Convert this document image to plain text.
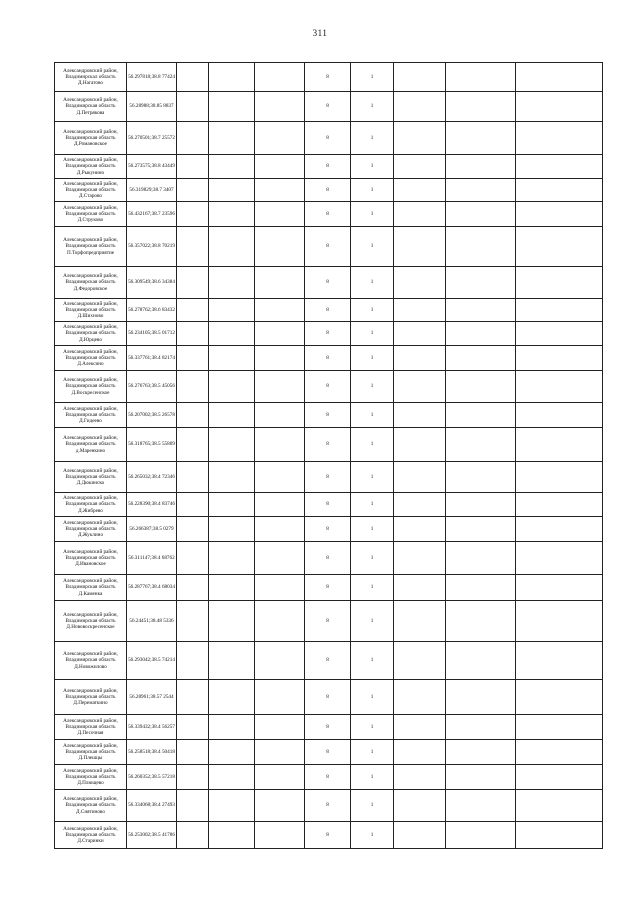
311
Александровский район,
Владимирскал область
Д.Нагатово	56.297818;38.8 77424				8	1			
Александровский район,
Владимирская область
Д.Петрякова	56.28988;38.85 8837				8	1			
Александровский район,
Владимирская область
Д.Романовское	56.270501;38.7 25572				8	1			
Александровский район,
Владимирская область
Д.Рыкунино	56.273575;38.8 43449				8	1			
Александровский район,
Владимирская область
Д.Старово	56.319829;38.7 3407				8	1			
Александровский район,
Владимирская область
Д.Струково	56.432167;38.7 23596				8	1			
Александровский район,
Владимирская область
П.Торфопредприятие	56.357022;38.8 70219				8	1			
Александровский район,
Владимирская область
Д.Федоровское	56.309549;38.6 34384				8	1			
Александровский район,
Владимирская область
Д.Шихново	56.278762;38.6 83432				8	1			
Александровский район,
Владимирская область
Д.Юрцево	56.234105;38.5 01712				8	1			
Александровский район,
Владимирская область
Д.Алексино	56.337761;38.4 82174				8	1			
Александровский район,
Владимирская область
Д.Воскресенское	56.276763;38.5 45056				8	1			
Александровский район,
Владимирская область
Д.Гидеево	56.207002;38.5 26578				8	1			
Александровский район,
Владимирская область
д.Маренкино	56.318765;38.5 55809				8	1			
Александровский район,
Владимирская область
Д.Дюкинско	56.265032;38.4 72346				8	1			
Александровский район,
Владимирская область
Д.Жибрево	56.228390;38.4 83746				8	1			
Александровский район,
Владимирская область
Д.Жуклино	56.266387;38.5 0279				8	1			
Александровский район,
Владимирская область
Д.Ивановское	56.311147;38.4 68762				8	1			
Александровский район,
Владимирская область
Д.Каменка	56.287767;38.4 68034				8	1			
Александровский район,
Владимирская область
Д.Нововоскресенское	56.24451;38.48 5336				8	1			
Александровский район,
Владимирская область
Д.Новожилово	56.293042;38.5 74214				8	1			
Александровский район,
Владимирская область
Д.Перематкино	56.28961;38.57 2544				8	1			
Александровский район,
Владимирская область
Д.Песочная	56.339432;38.4 56257				8	1			
Александровский район,
Владимирская область
Д.Плешцы	56.258518;38.4 50418				8	1			
Александровский район,
Владимирская область
Д.Плющево	56.260352;38.5 57218				8	1			
Александровский район,
Владимирская область
Д.Снятиново	56.334068;38.4 27493				8	1			
Александровский район,
Владимирская область
Д.Старинки	56.253002;38.5 41786				8	1			
